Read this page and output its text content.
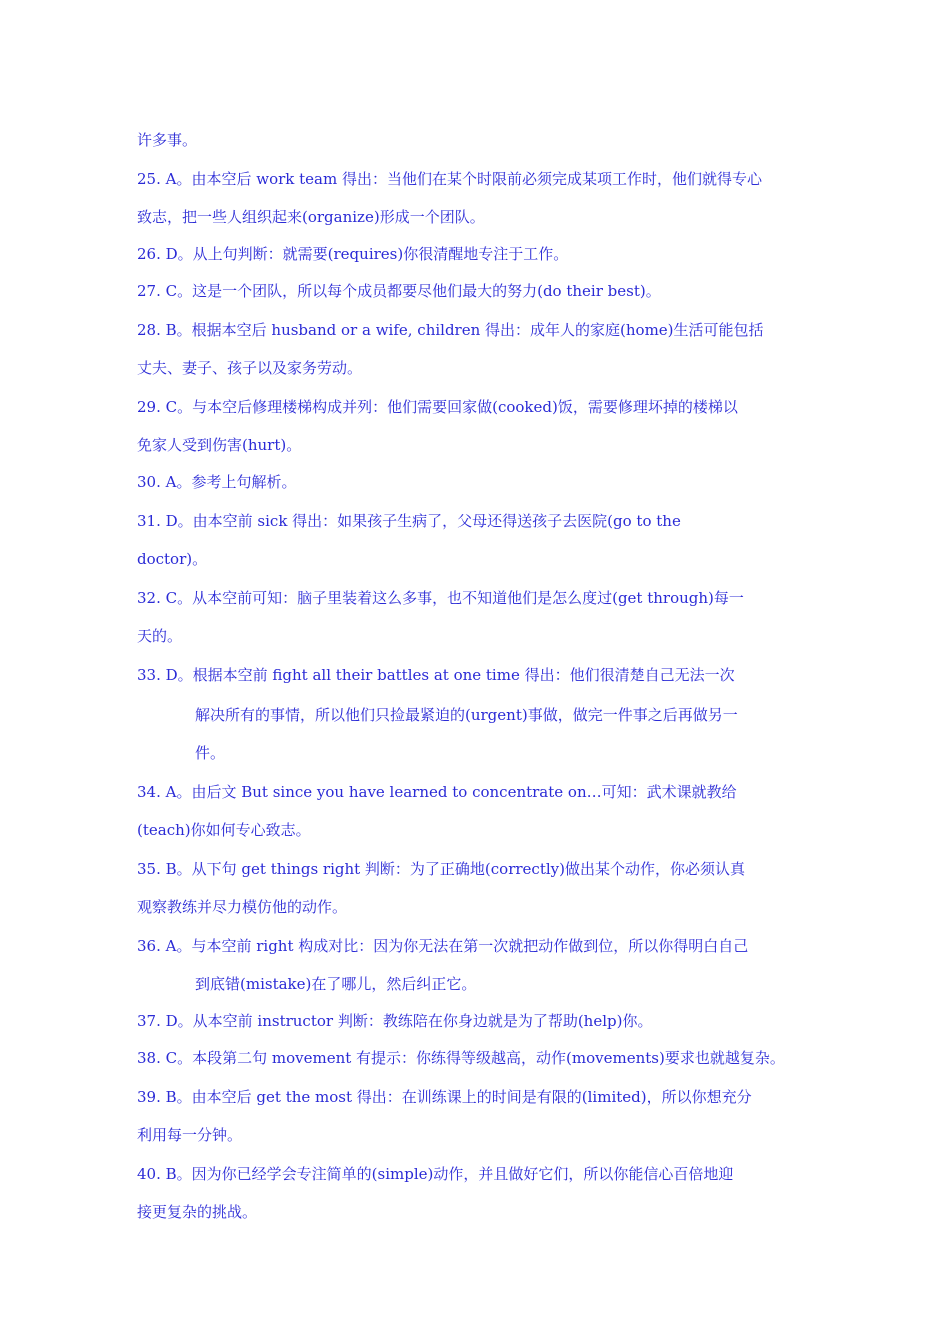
许多事。
25. A。由本空后 work team 得出：当他们在某个时限前必须完成某项工作时，他们就得专心
致志，把一些人组织起来(organize)形成一个团队。
26. D。从上句判断：就需要(requires)你很清醒地专注于工作。
27. C。这是一个团队，所以每个成员都要尽他们最大的努力(do their best)。
28. B。根据本空后 husband or a wife, children 得出：成年人的家庭(home)生活可能包括
丈夫、妻子、孩子以及家务劳动。
29. C。与本空后修理楼梯构成并列：他们需要回家做(cooked)饭，需要修理坏掉的楼梯以
免家人受到伤害(hurt)。
30. A。参考上句解析。
31. D。由本空前 sick 得出：如果孩子生病了，父母还得送孩子去医院(go to the
doctor)。
32. C。从本空前可知：脑子里装着这么多事，也不知道他们是怎么度过(get through)每一
天的。
33. D。根据本空前 fight all their battles at one time 得出：他们很清楚自己无法一次
解决所有的事情，所以他们只捡最紧迫的(urgent)事做，做完一件事之后再做另一
件。
34. A。由后文 But since you have learned to concentrate on…可知：武术课就教给
(teach)你如何专心致志。
35. B。从下句 get things right 判断：为了正确地(correctly)做出某个动作，你必须认真
观察教练并尽力模仿他的动作。
36. A。与本空前 right 构成对比：因为你无法在第一次就把动作做到位，所以你得明白自己
到底错(mistake)在了哪儿，然后纠正它。
37. D。从本空前 instructor 判断：教练陪在你身边就是为了帮助(help)你。
38. C。本段第二句 movement 有提示：你练得等级越高，动作(movements)要求也就越复杂。
39. B。由本空后 get the most 得出：在训练课上的时间是有限的(limited)，所以你想充分
利用每一分钟。
40. B。因为你已经学会专注简单的(simple)动作，并且做好它们，所以你能信心百倍地迎
接更复杂的挑战。
